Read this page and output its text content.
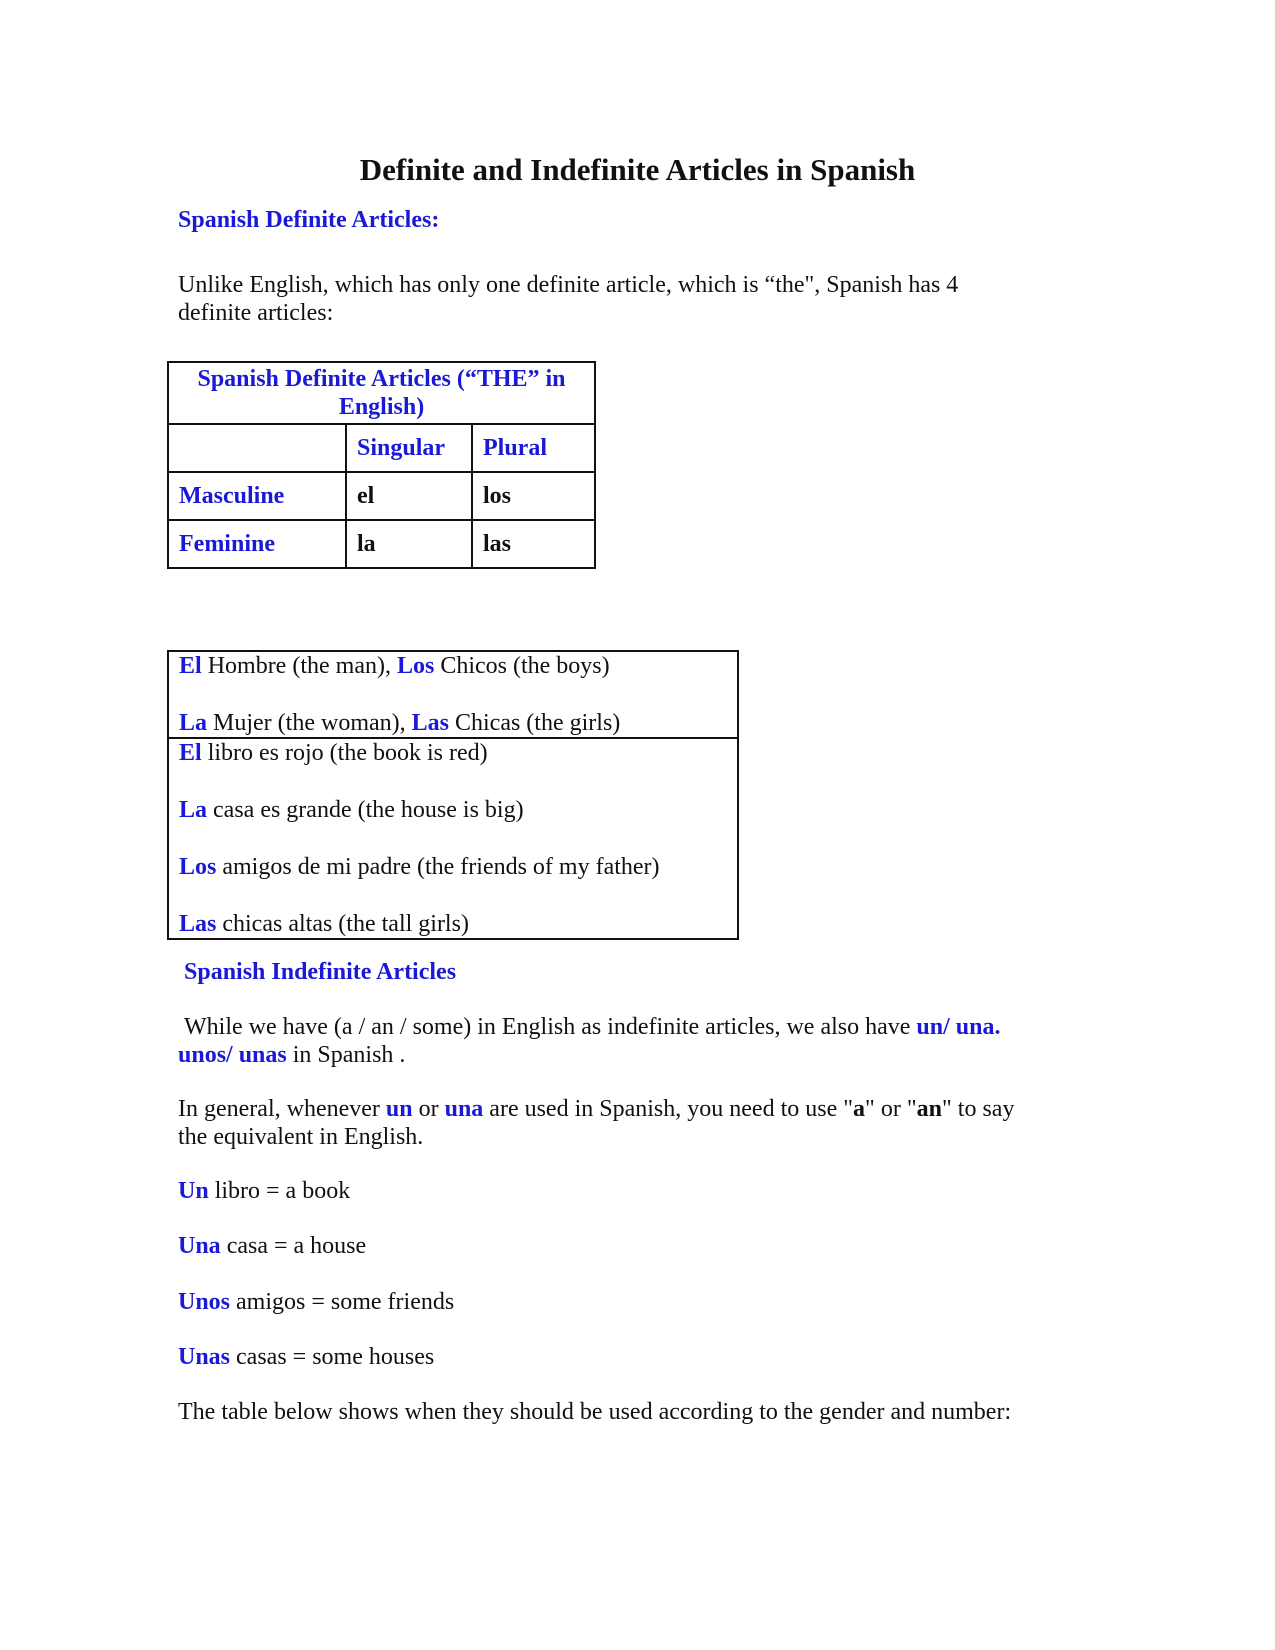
Definite and Indefinite Articles in Spanish
Spanish Definite Articles:
Unlike English, which has only one definite article, which is “the", Spanish has 4
definite articles:
Spanish Definite Articles (“THE” in
English)		

	Singular	Plural
Masculine	el	los
Feminine	la	las
El Hombre (the man), Los Chicos (the boys)
La Mujer (the woman), Las Chicas (the girls)

El libro es rojo (the book is red)
La casa es grande (the house is big)
Los amigos de mi padre (the friends of my father)
Las chicas altas (the tall girls)
Spanish Indefinite Articles
While we have (a / an / some) in English as indefinite articles, we also have un/ una.
unos/ unas in Spanish .
In general, whenever un or una are used in Spanish, you need to use "a" or "an" to say
the equivalent in English.
Un libro = a book
Una casa = a house
Unos amigos = some friends
Unas casas = some houses
The table below shows when they should be used according to the gender and number:
